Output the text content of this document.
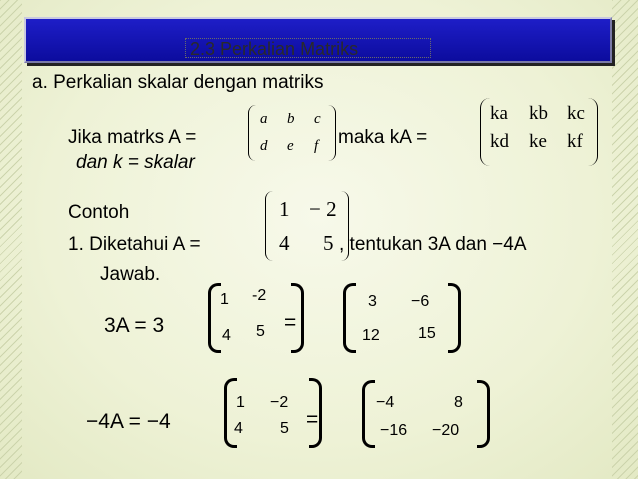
2.3 Perkalian Matriks
a. Perkalian skalar dengan matriks
Jika matrks A =
a b c
d e f maka kA =
ka kb kc
kd ke kf
dan k = skalar
Contoh
1. Diketahui A =
1 − 2
4 5 , tentukan 3A dan −4A
Jawab.
3A = 3
1 -2
4 5 =
3 −6
12 15
−4A = −4
1 −2
4 5 =
−4	8
−16 −20
